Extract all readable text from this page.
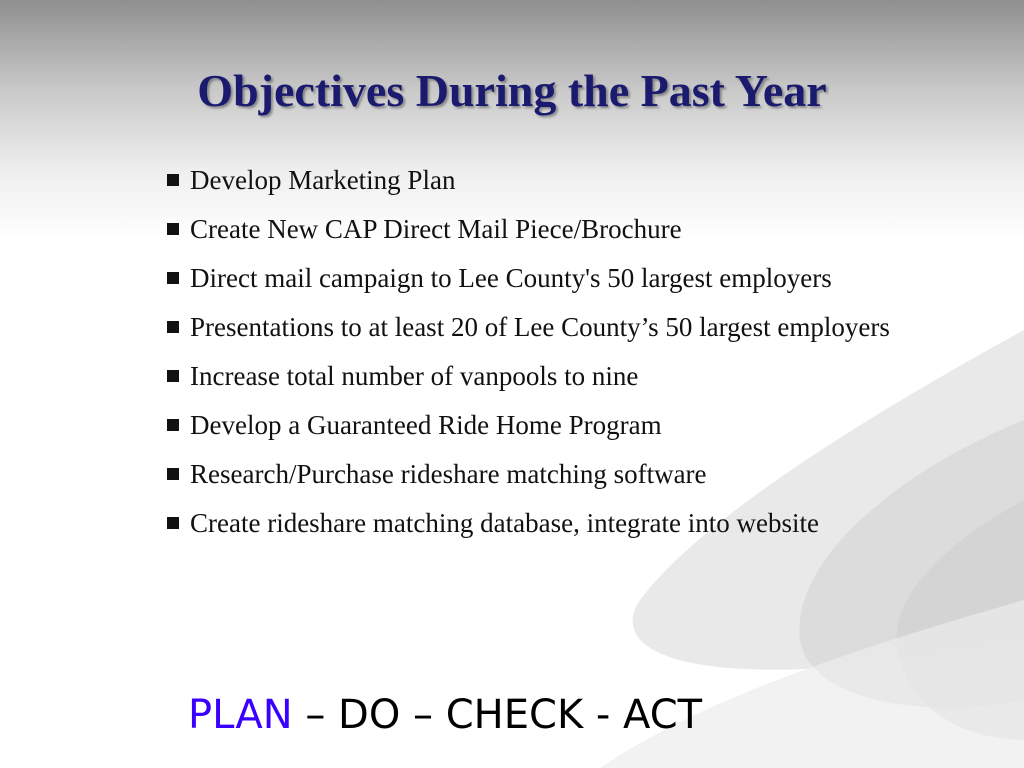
Objectives During the Past Year
Develop Marketing Plan
Create New CAP Direct Mail Piece/Brochure
Direct mail campaign to Lee County's 50 largest employers
Presentations to at least 20 of Lee County’s 50 largest employers
Increase total number of vanpools to nine
Develop a Guaranteed Ride Home Program
Research/Purchase rideshare matching software
Create rideshare matching database, integrate into website
PLAN – DO – CHECK - ACT
